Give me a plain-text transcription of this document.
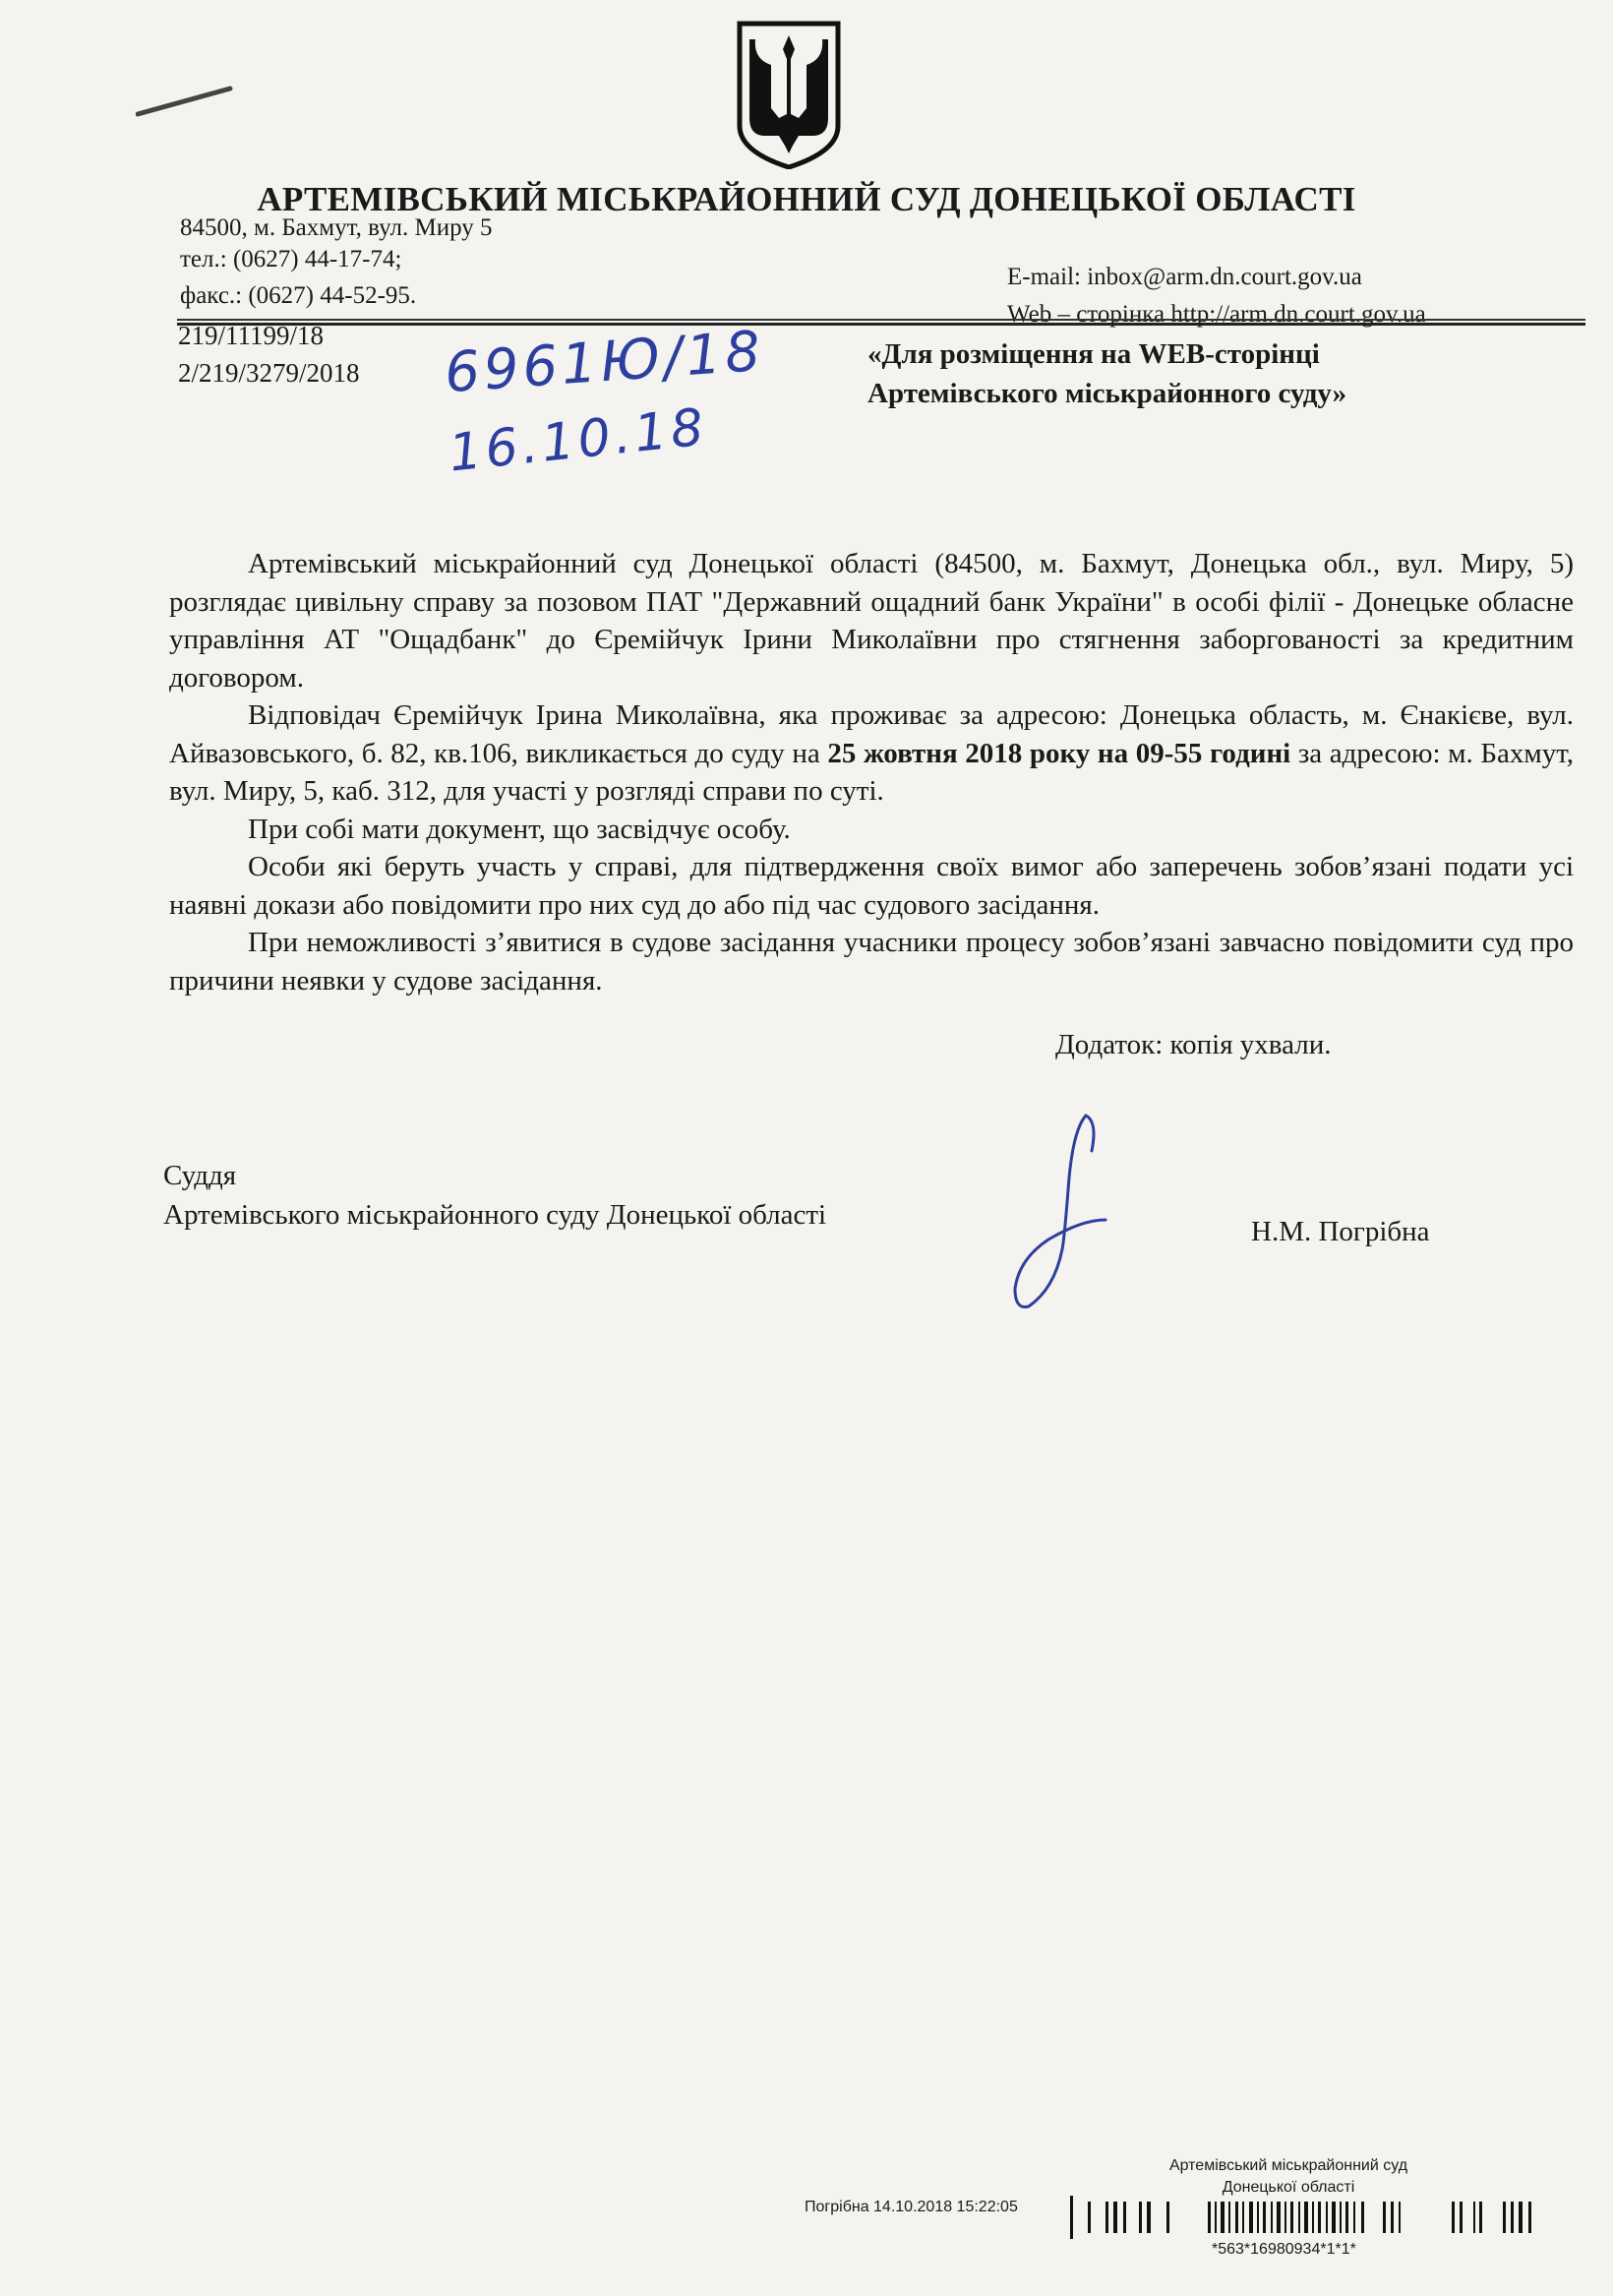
АРТЕМІВСЬКИЙ МІСЬКРАЙОННИЙ СУД ДОНЕЦЬКОЇ ОБЛАСТІ
84500, м. Бахмут, вул. Миру 5
тел.: (0627) 44-17-74;
факс.: (0627) 44-52-95.
E-mail: inbox@arm.dn.court.gov.ua
Web – сторінка http://arm.dn.court.gov.ua
219/11199/18
2/219/3279/2018 6961Ю/18
16.10.18
«Для розміщення на WEB-сторінці
Артемівського міськрайонного суду»

Артемівський міськрайонний суд Донецької області (84500, м. Бахмут, Донецька обл., вул. Миру, 5) розглядає цивільну справу за позовом ПАТ "Державний ощадний банк України" в особі філії - Донецьке обласне управління АТ "Ощадбанк" до Єремійчук Ірини Миколаївни про стягнення заборгованості за кредитним договором.

Відповідач Єремійчук Ірина Миколаївна, яка проживає за адресою: Донецька область, м. Єнакієве, вул. Айвазовського, б. 82, кв.106, викликається до суду на 25 жовтня 2018 року на 09-55 годині за адресою: м. Бахмут, вул. Миру, 5, каб. 312, для участі у розгляді справи по суті.

При собі мати документ, що засвідчує особу.

Особи які беруть участь у справі, для підтвердження своїх вимог або заперечень зобов’язані подати усі наявні докази або повідомити про них суд до або під час судового засідання.

При неможливості з’явитися в судове засідання учасники процесу зобов’язані завчасно повідомити суд про причини неявки у судове засідання.

Додаток: копія ухвали.
Суддя
Артемівського міськрайонного суду Донецької області
Н.М. Погрібна
Артемівський міськрайонний суд
Донецької області
Погрібна 14.10.2018 15:22:05
*563*16980934*1*1*
